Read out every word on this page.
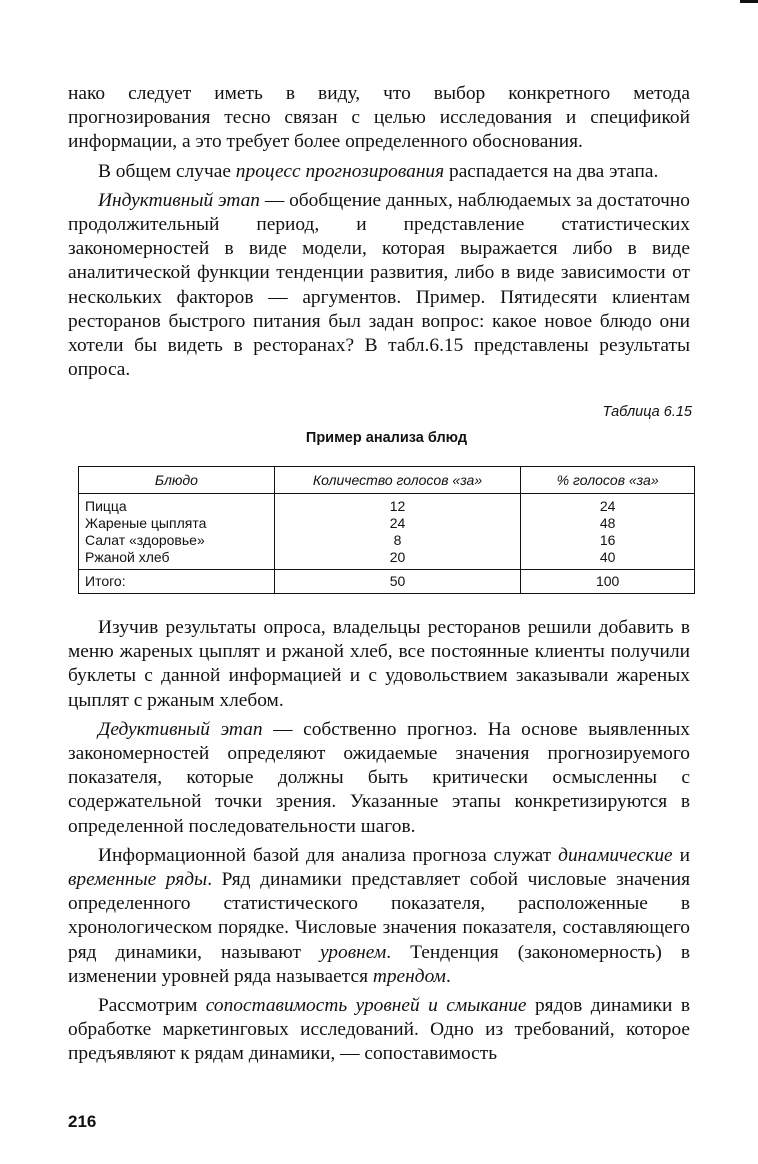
нако следует иметь в виду, что выбор конкретного метода прогнозирования тесно связан с целью исследования и спецификой информации, а это требует более определенного обоснования.

В общем случае процесс прогнозирования распадается на два этапа.

Индуктивный этап — обобщение данных, наблюдаемых за достаточно продолжительный период, и представление статистических закономерностей в виде модели, которая выражается либо в виде аналитической функции тенденции развития, либо в виде зависимости от нескольких факторов — аргументов. Пример. Пятидесяти клиентам ресторанов быстрого питания был задан вопрос: какое новое блюдо они хотели бы видеть в ресторанах? В табл.6.15 представлены результаты опроса.

Таблица 6.15
Пример анализа блюд
Блюдо	Количество голосов «за»	% голосов «за»
Пицца	12	24
Жареные цыплята	24	48
Салат «здоровье»	8	16
Ржаной хлеб	20	40
Итого:	50	100

Изучив результаты опроса, владельцы ресторанов решили добавить в меню жареных цыплят и ржаной хлеб, все постоянные клиенты получили буклеты с данной информацией и с удовольствием заказывали жареных цыплят с ржаным хлебом.

Дедуктивный этап — собственно прогноз. На основе выявленных закономерностей определяют ожидаемые значения прогнозируемого показателя, которые должны быть критически осмысленны с содержательной точки зрения. Указанные этапы конкретизируются в определенной последовательности шагов.

Информационной базой для анализа прогноза служат динамические и временные ряды. Ряд динамики представляет собой числовые значения определенного статистического показателя, расположенные в хронологическом порядке. Числовые значения показателя, составляющего ряд динамики, называют уровнем. Тенденция (закономерность) в изменении уровней ряда называется трендом.

Рассмотрим сопоставимость уровней и смыкание рядов динамики в обработке маркетинговых исследований. Одно из требований, которое предъявляют к рядам динамики, — сопоставимость

216
